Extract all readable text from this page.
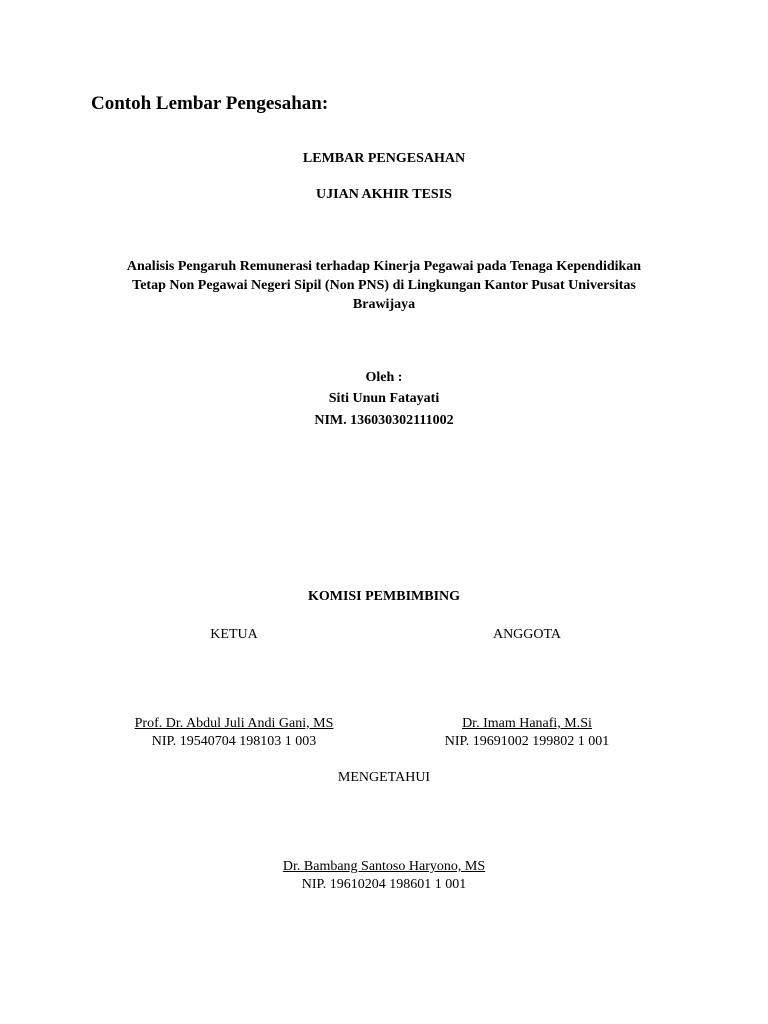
Contoh Lembar Pengesahan:
LEMBAR PENGESAHAN
UJIAN AKHIR TESIS
Analisis Pengaruh Remunerasi terhadap Kinerja Pegawai pada Tenaga Kependidikan
Tetap Non Pegawai Negeri Sipil (Non PNS) di Lingkungan Kantor Pusat Universitas
Brawijaya
Oleh :
Siti Unun Fatayati
NIM. 136030302111002
KOMISI PEMBIMBING
KETUA	ANGGOTA
Prof. Dr. Abdul Juli Andi Gani, MS
NIP. 19540704 198103 1 003
Dr. Imam Hanafi, M.Si
NIP. 19691002 199802 1 001
MENGETAHUI
Dr. Bambang Santoso Haryono, MS
NIP. 19610204 198601 1 001
